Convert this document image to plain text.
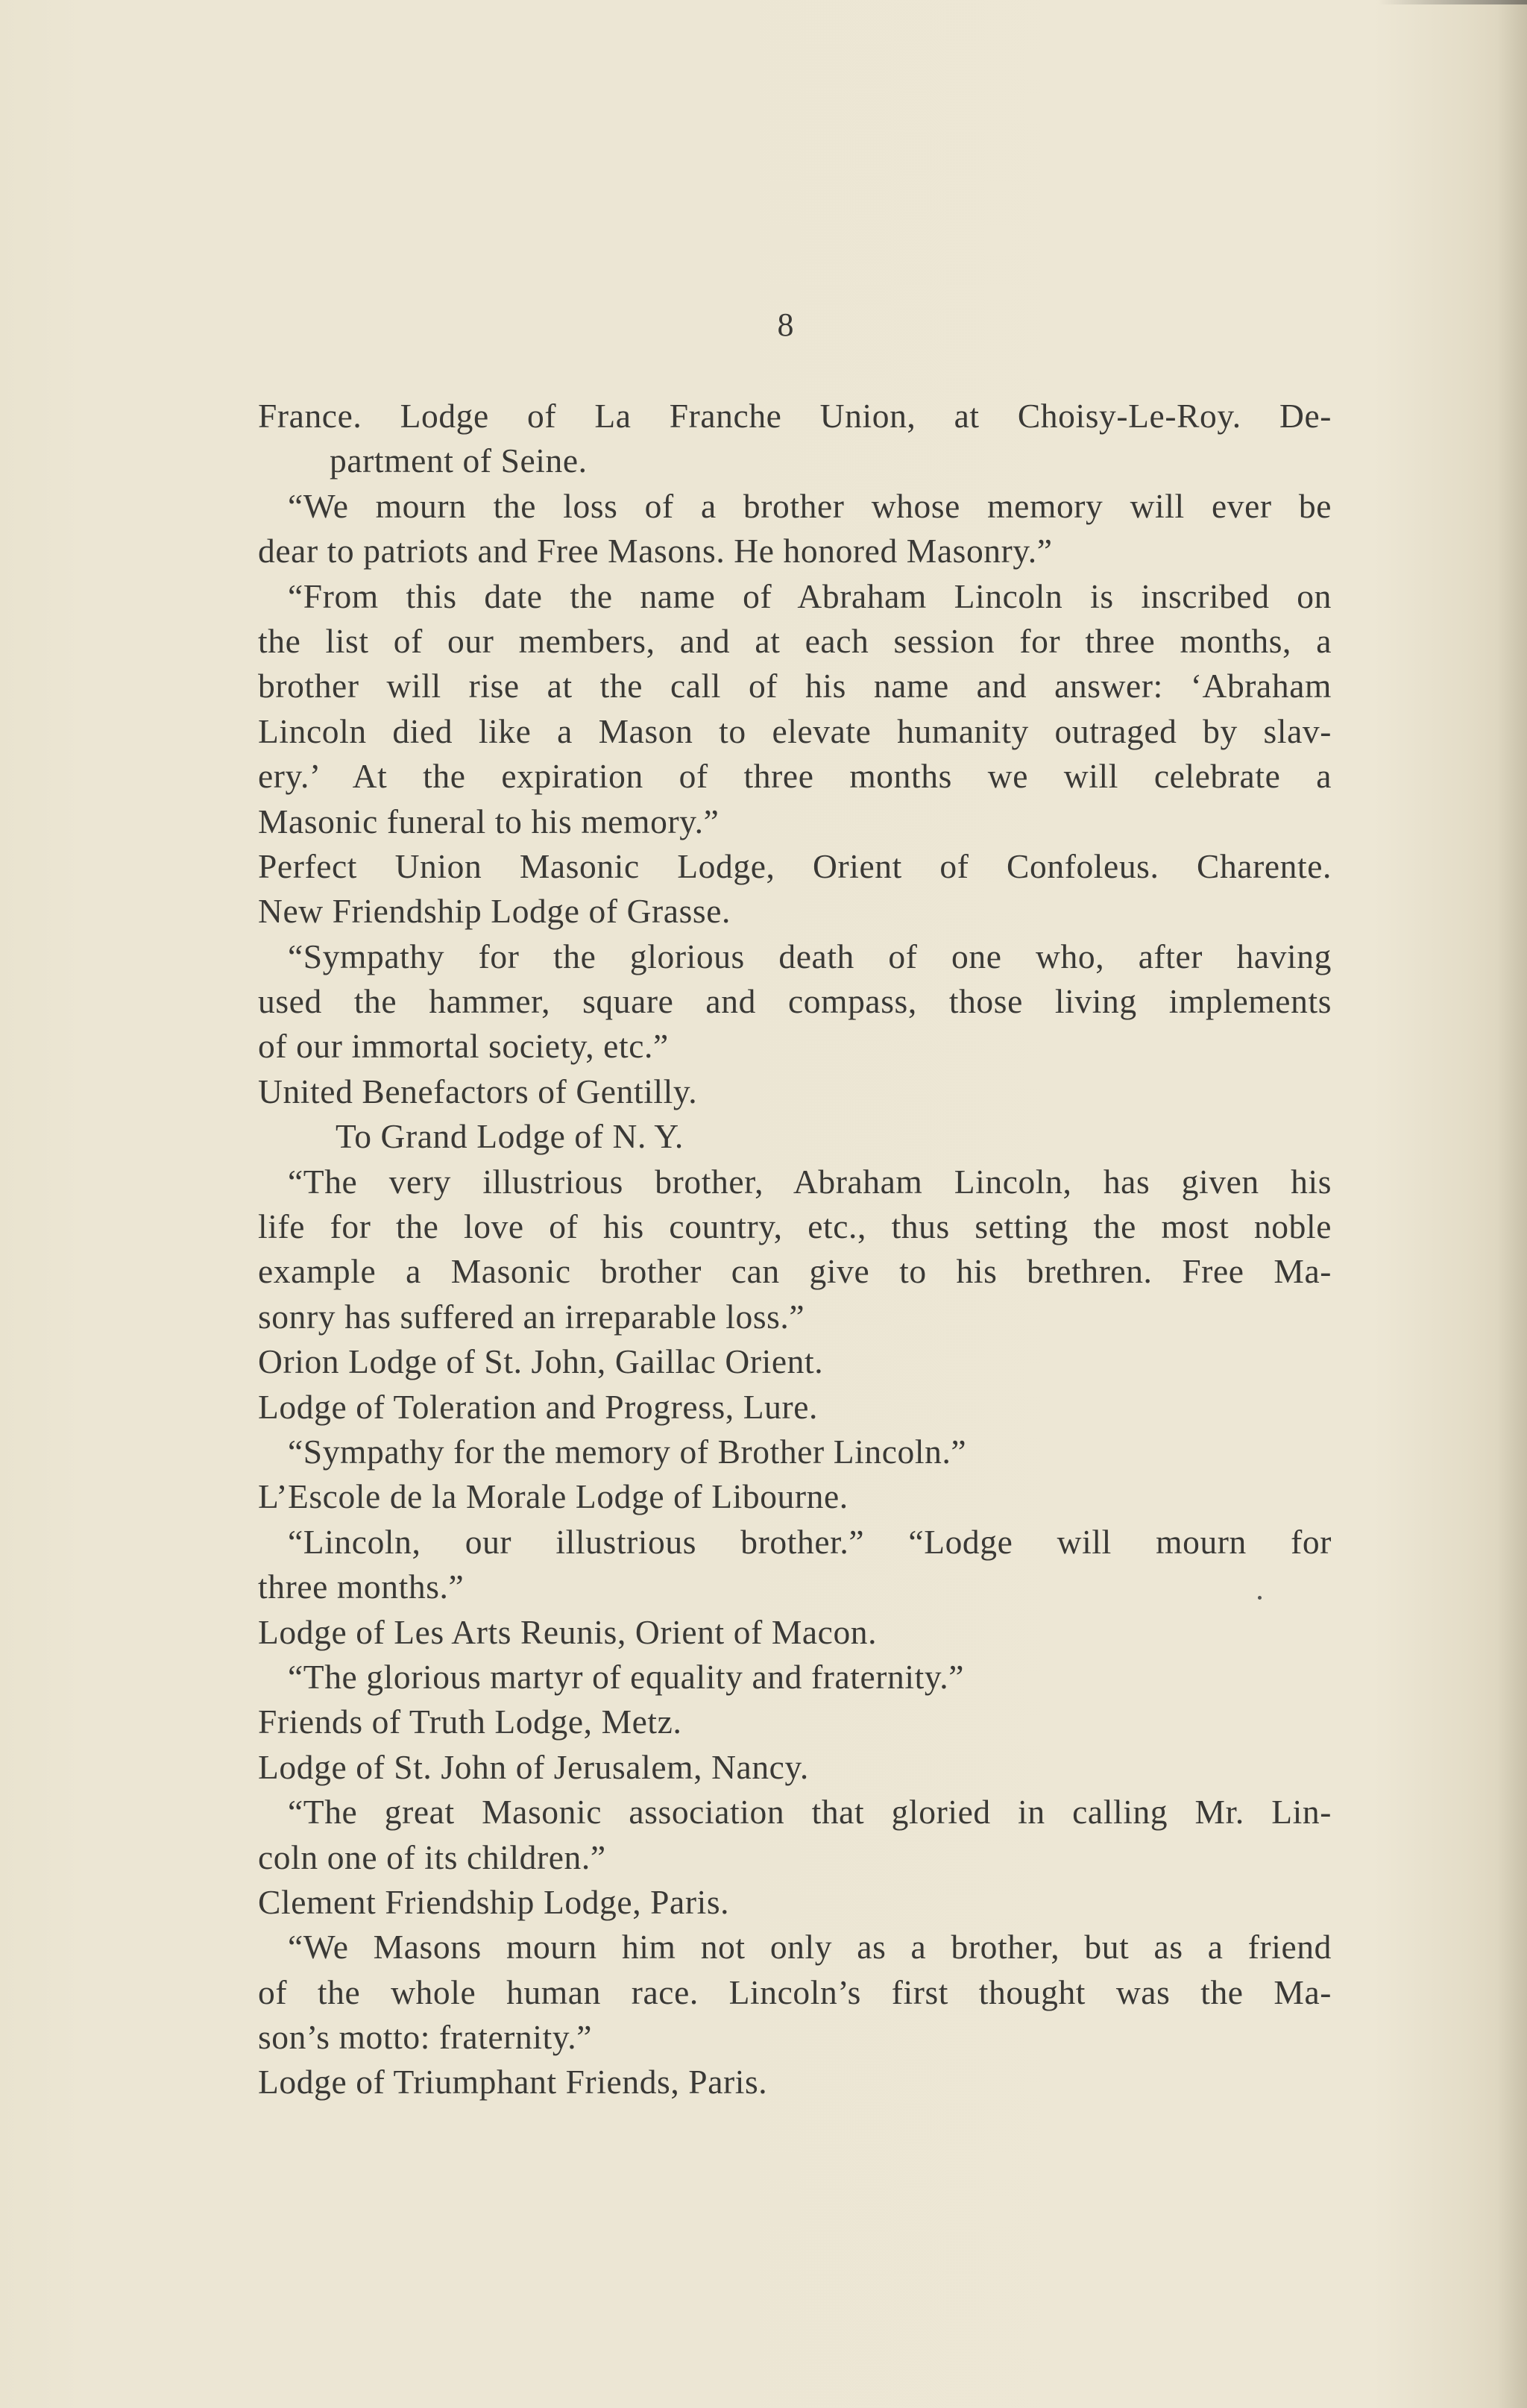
8
France. Lodge of La Franche Union, at Choisy-Le-Roy. De-
partment of Seine.
“We mourn the loss of a brother whose memory will ever be
dear to patriots and Free Masons. He honored Masonry.”
“From this date the name of Abraham Lincoln is inscribed on
the list of our members, and at each session for three months, a
brother will rise at the call of his name and answer: ‘Abraham
Lincoln died like a Mason to elevate humanity outraged by slav-
ery.’ At the expiration of three months we will celebrate a
Masonic funeral to his memory.”
Perfect Union Masonic Lodge, Orient of Confoleus. Charente.
New Friendship Lodge of Grasse.
“Sympathy for the glorious death of one who, after having
used the hammer, square and compass, those living implements
of our immortal society, etc.”
United Benefactors of Gentilly.
To Grand Lodge of N. Y.
“The very illustrious brother, Abraham Lincoln, has given his
life for the love of his country, etc., thus setting the most noble
example a Masonic brother can give to his brethren. Free Ma-
sonry has suffered an irreparable loss.”
Orion Lodge of St. John, Gaillac Orient.
Lodge of Toleration and Progress, Lure.
“Sympathy for the memory of Brother Lincoln.”
L’Escole de la Morale Lodge of Libourne.
“Lincoln, our illustrious brother.” “Lodge will mourn for
three months.”
Lodge of Les Arts Reunis, Orient of Macon.
“The glorious martyr of equality and fraternity.”
Friends of Truth Lodge, Metz.
Lodge of St. John of Jerusalem, Nancy.
“The great Masonic association that gloried in calling Mr. Lin-
coln one of its children.”
Clement Friendship Lodge, Paris.
“We Masons mourn him not only as a brother, but as a friend
of the whole human race. Lincoln’s first thought was the Ma-
son’s motto: fraternity.”
Lodge of Triumphant Friends, Paris.
